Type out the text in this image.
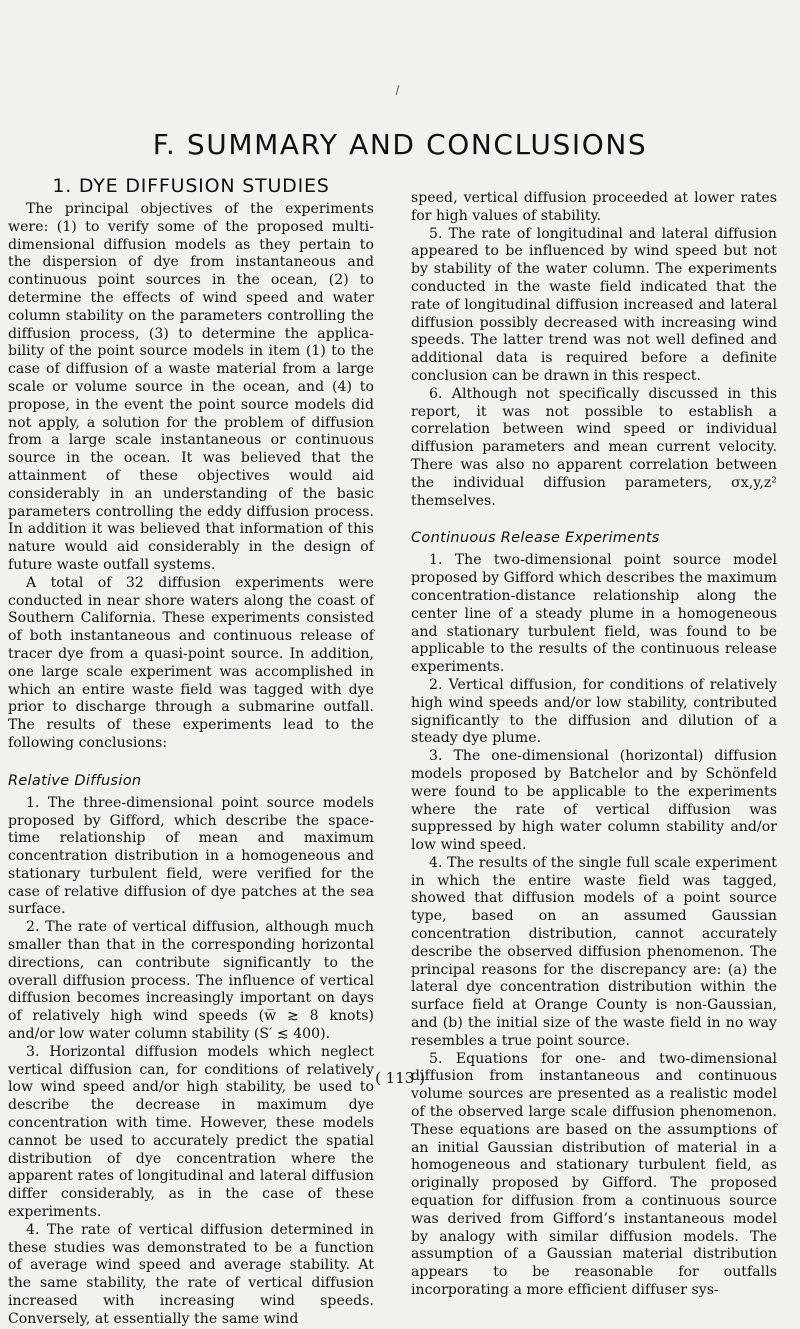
F. SUMMARY AND CONCLUSIONS
1. DYE DIFFUSION STUDIES

The principal objectives of the experiments were: (1) to verify some of the proposed multi-dimensional diffusion models as they pertain to the dispersion of dye from instantaneous and continuous point sources in the ocean, (2) to determine the effects of wind speed and water column stability on the parameters controlling the diffusion process, (3) to determine the applicability of the point source models in item (1) to the case of diffusion of a waste material from a large scale or volume source in the ocean, and (4) to propose, in the event the point source models did not apply, a solution for the problem of diffusion from a large scale instantaneous or continuous source in the ocean. It was believed that the attainment of these objectives would aid considerably in an understanding of the basic parameters controlling the eddy diffusion process. In addition it was believed that information of this nature would aid considerably in the design of future waste outfall systems.

A total of 32 diffusion experiments were conducted in near shore waters along the coast of Southern California. These experiments consisted of both instantaneous and continuous release of tracer dye from a quasi-point source. In addition, one large scale experiment was accomplished in which an entire waste field was tagged with dye prior to discharge through a submarine outfall. The results of these experiments lead to the following conclusions:

Relative Diffusion

1. The three-dimensional point source models proposed by Gifford, which describe the space-time relationship of mean and maximum concentration distribution in a homogeneous and stationary turbulent field, were verified for the case of relative diffusion of dye patches at the sea surface.

2. The rate of vertical diffusion, although much smaller than that in the corresponding horizontal directions, can contribute significantly to the overall diffusion process. The influence of vertical diffusion becomes increasingly important on days of relatively high wind speeds (w̅ ≳ 8 knots) and/or low water column stability (S′ ≲ 400).

3. Horizontal diffusion models which neglect vertical diffusion can, for conditions of relatively low wind speed and/or high stability, be used to describe the decrease in maximum dye concentration with time. However, these models cannot be used to accurately predict the spatial distribution of dye concentration where the apparent rates of longitudinal and lateral diffusion differ considerably, as in the case of these experiments.

4. The rate of vertical diffusion determined in these studies was demonstrated to be a function of average wind speed and average stability. At the same stability, the rate of vertical diffusion increased with increasing wind speeds. Conversely, at essentially the same wind

speed, vertical diffusion proceeded at lower rates for high values of stability.

5. The rate of longitudinal and lateral diffusion appeared to be influenced by wind speed but not by stability of the water column. The experiments conducted in the waste field indicated that the rate of longitudinal diffusion increased and lateral diffusion possibly decreased with increasing wind speeds. The latter trend was not well defined and additional data is required before a definite conclusion can be drawn in this respect.

6. Although not specifically discussed in this report, it was not possible to establish a correlation between wind speed or individual diffusion parameters and mean current velocity. There was also no apparent correlation between the individual diffusion parameters, σx,y,z² themselves.

Continuous Release Experiments

1. The two-dimensional point source model proposed by Gifford which describes the maximum concentration-distance relationship along the center line of a steady plume in a homogeneous and stationary turbulent field, was found to be applicable to the results of the continuous release experiments.

2. Vertical diffusion, for conditions of relatively high wind speeds and/or low stability, contributed significantly to the diffusion and dilution of a steady dye plume.

3. The one-dimensional (horizontal) diffusion models proposed by Batchelor and by Schönfeld were found to be applicable to the experiments where the rate of vertical diffusion was suppressed by high water column stability and/or low wind speed.

4. The results of the single full scale experiment in which the entire waste field was tagged, showed that diffusion models of a point source type, based on an assumed Gaussian concentration distribution, cannot accurately describe the observed diffusion phenomenon. The principal reasons for the discrepancy are: (a) the lateral dye concentration distribution within the surface field at Orange County is non-Gaussian, and (b) the initial size of the waste field in no way resembles a true point source.

5. Equations for one- and two-dimensional diffusion from instantaneous and continuous volume sources are presented as a realistic model of the observed large scale diffusion phenomenon. These equations are based on the assumptions of an initial Gaussian distribution of material in a homogeneous and stationary turbulent field, as originally proposed by Gifford. The proposed equation for diffusion from a continuous source was derived from Gifford’s instantaneous model by analogy with similar diffusion models. The assumption of a Gaussian material distribution appears to be reasonable for outfalls incorporating a more efficient diffuser sys-

( 113 )
